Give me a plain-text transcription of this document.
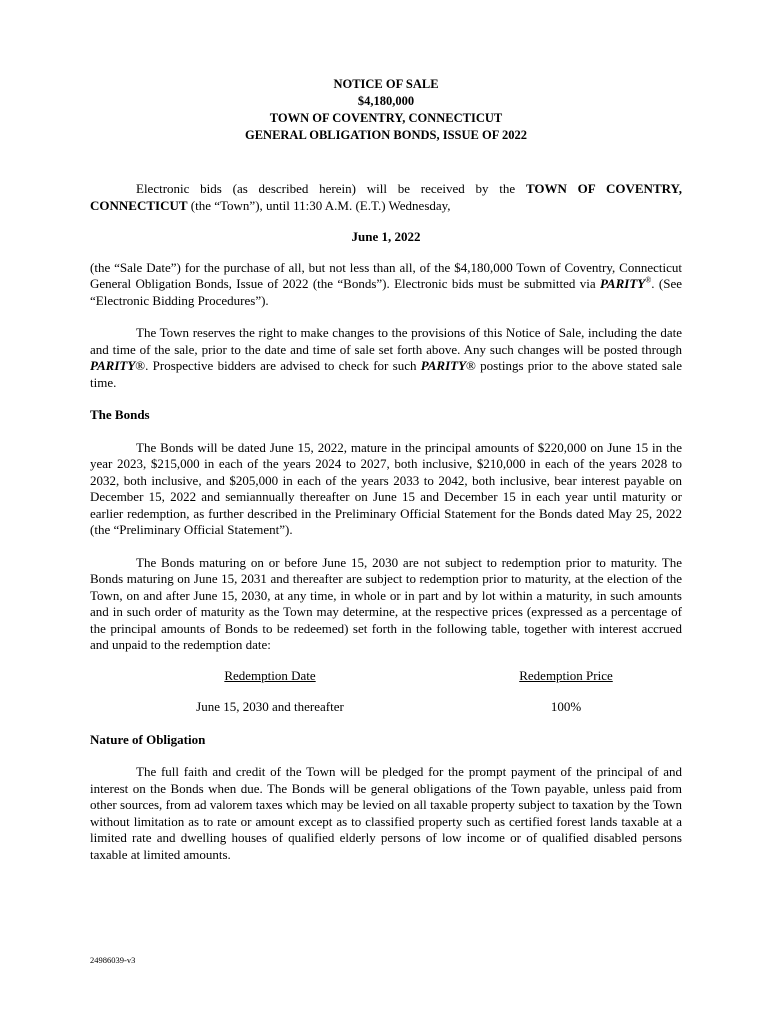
NOTICE OF SALE
$4,180,000
TOWN OF COVENTRY, CONNECTICUT
GENERAL OBLIGATION BONDS, ISSUE OF 2022

Electronic bids (as described herein) will be received by the TOWN OF COVENTRY, CONNECTICUT (the “Town”), until 11:30 A.M. (E.T.) Wednesday,

June 1, 2022

(the “Sale Date”) for the purchase of all, but not less than all, of the $4,180,000 Town of Coventry, Connecticut General Obligation Bonds, Issue of 2022 (the “Bonds”). Electronic bids must be submitted via PARITY®. (See “Electronic Bidding Procedures”).

The Town reserves the right to make changes to the provisions of this Notice of Sale, including the date and time of the sale, prior to the date and time of sale set forth above. Any such changes will be posted through PARITY®. Prospective bidders are advised to check for such PARITY® postings prior to the above stated sale time.

The Bonds

The Bonds will be dated June 15, 2022, mature in the principal amounts of $220,000 on June 15 in the year 2023, $215,000 in each of the years 2024 to 2027, both inclusive, $210,000 in each of the years 2028 to 2032, both inclusive, and $205,000 in each of the years 2033 to 2042, both inclusive, bear interest payable on December 15, 2022 and semiannually thereafter on June 15 and December 15 in each year until maturity or earlier redemption, as further described in the Preliminary Official Statement for the Bonds dated May 25, 2022 (the “Preliminary Official Statement”).

The Bonds maturing on or before June 15, 2030 are not subject to redemption prior to maturity. The Bonds maturing on June 15, 2031 and thereafter are subject to redemption prior to maturity, at the election of the Town, on and after June 15, 2030, at any time, in whole or in part and by lot within a maturity, in such amounts and in such order of maturity as the Town may determine, at the respective prices (expressed as a percentage of the principal amounts of Bonds to be redeemed) set forth in the following table, together with interest accrued and unpaid to the redemption date:

Redemption Date	Redemption Price
June 15, 2030 and thereafter	100%
Nature of Obligation

The full faith and credit of the Town will be pledged for the prompt payment of the principal of and interest on the Bonds when due. The Bonds will be general obligations of the Town payable, unless paid from other sources, from ad valorem taxes which may be levied on all taxable property subject to taxation by the Town without limitation as to rate or amount except as to classified property such as certified forest lands taxable at a limited rate and dwelling houses of qualified elderly persons of low income or of qualified disabled persons taxable at limited amounts.

24986039-v3
